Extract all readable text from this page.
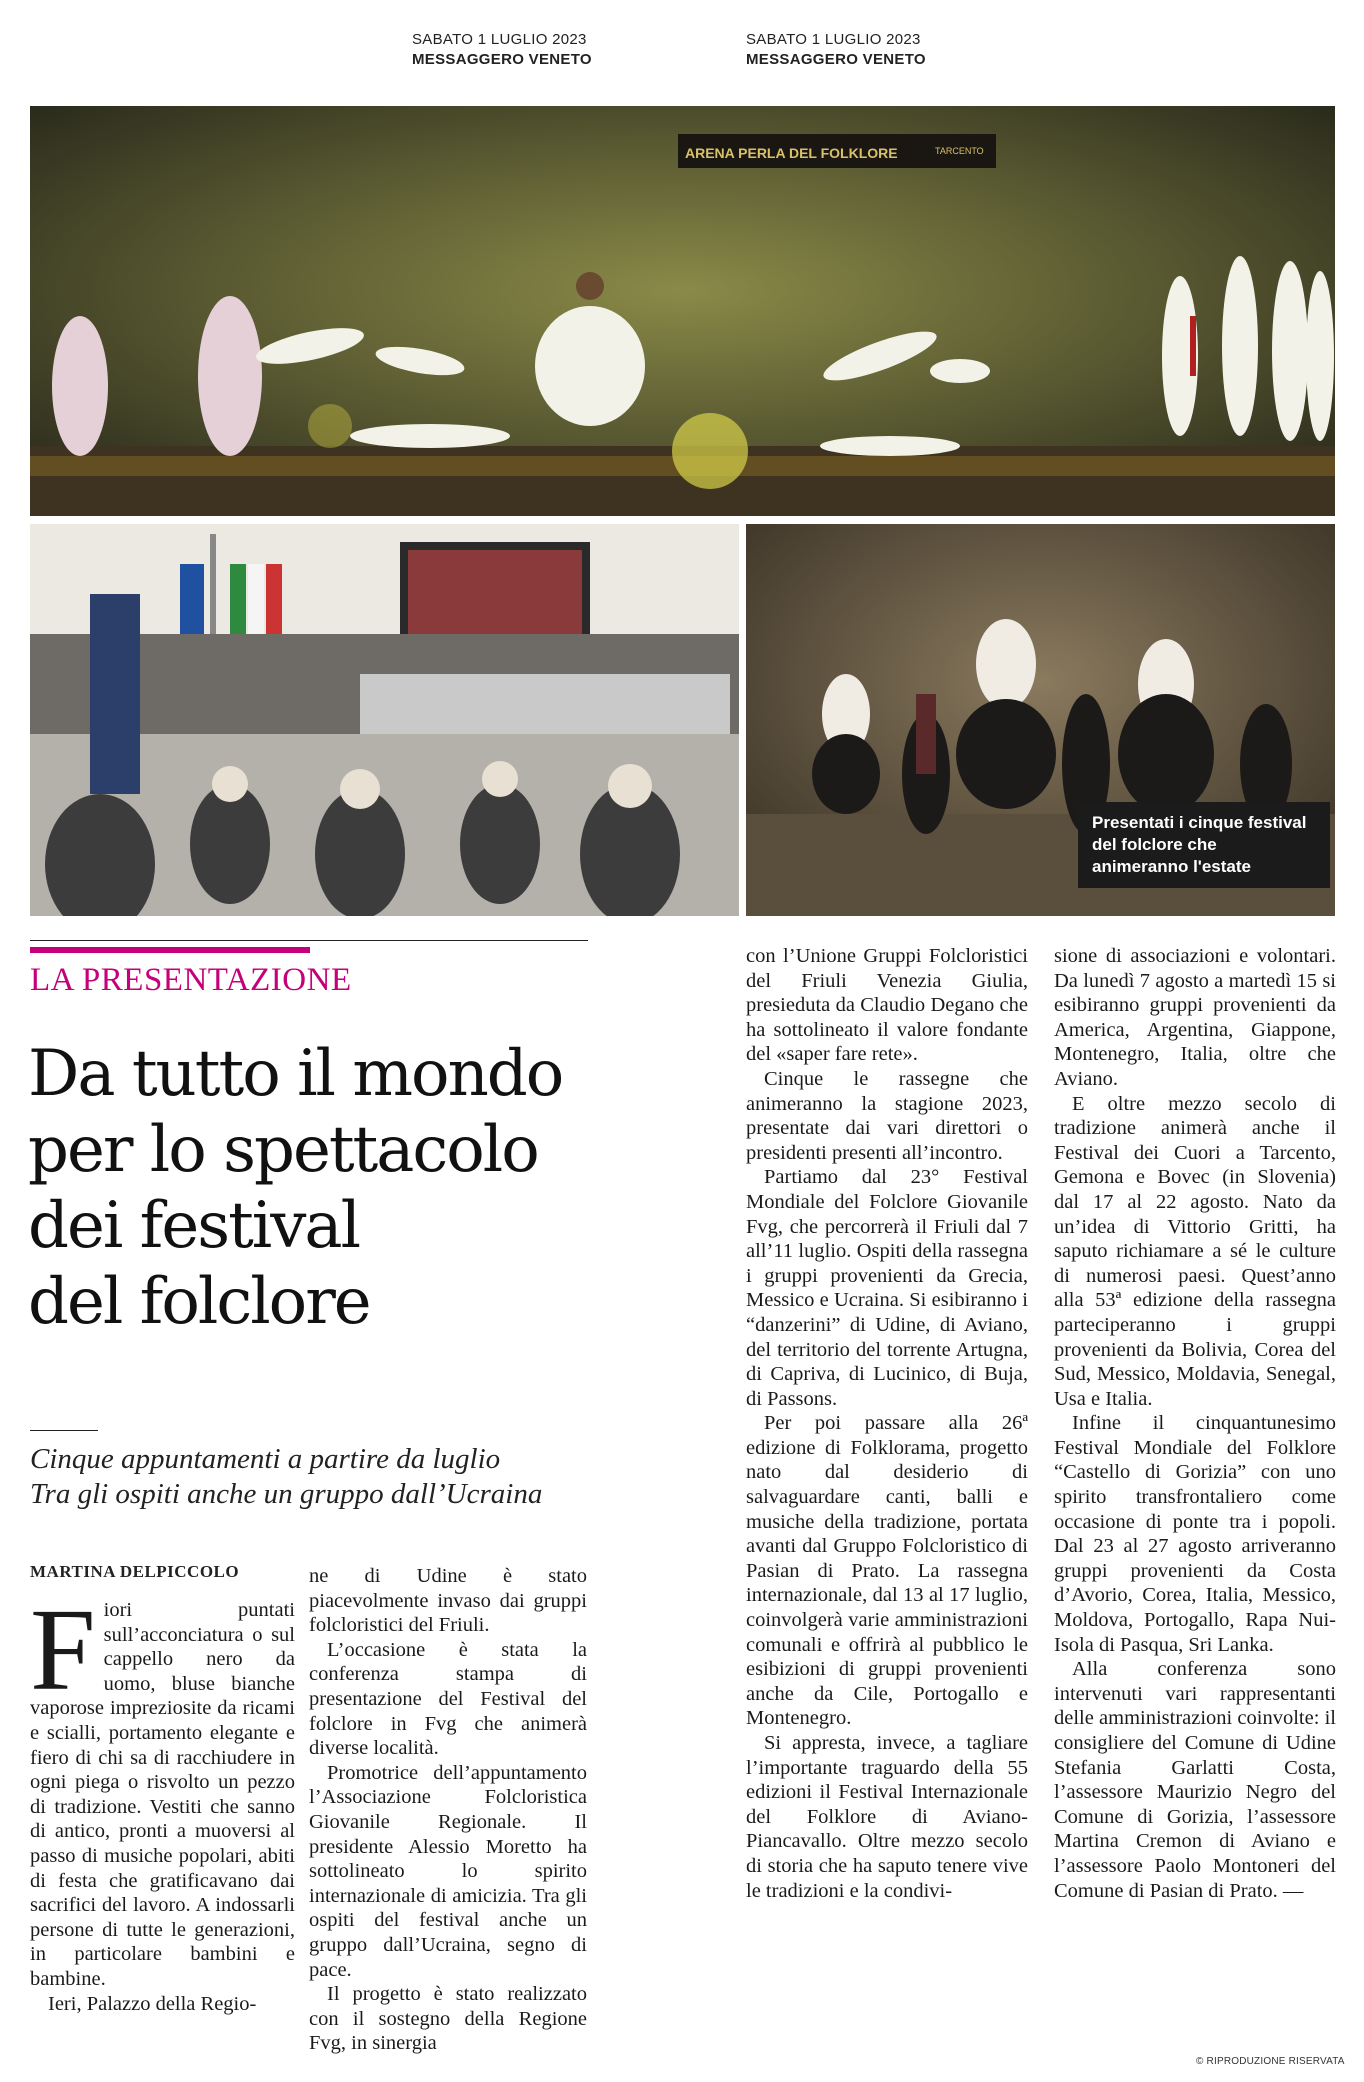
SABATO 1 LUGLIO 2023
MESSAGGERO VENETO
SABATO 1 LUGLIO 2023
MESSAGGERO VENETO
ARENA PERLA DEL FOLKLORE	TARCENTO
Presentati i cinque festival del folclore che animeranno l'estate
LA PRESENTAZIONE
Da tutto il mondo
per lo spettacolo
dei festival
del folclore
Cinque appuntamenti a partire da luglio
Tra gli ospiti anche un gruppo dall’Ucraina
MARTINA DELPICCOLO

Fiori puntati sull’acconciatura o sul cappello nero da uomo, bluse bianche vaporose impreziosite da ricami e scialli, portamento elegante e fiero di chi sa di racchiudere in ogni piega o risvolto un pezzo di tradizione. Vestiti che sanno di antico, pronti a muoversi al passo di musiche popolari, abiti di festa che gratificavano dai sacrifici del lavoro. A indossarli persone di tutte le generazioni, in particolare bambini e bambine.

Ieri, Palazzo della Regio-

ne di Udine è stato piacevolmente invaso dai gruppi folcloristici del Friuli.

L’occasione è stata la conferenza stampa di presentazione del Festival del folclore in Fvg che animerà diverse località.

Promotrice dell’appuntamento l’Associazione Folcloristica Giovanile Regionale. Il presidente Alessio Moretto ha sottolineato lo spirito internazionale di amicizia. Tra gli ospiti del festival anche un gruppo dall’Ucraina, segno di pace.

Il progetto è stato realizzato con il sostegno della Regione Fvg, in sinergia

con l’Unione Gruppi Folcloristici del Friuli Venezia Giulia, presieduta da Claudio Degano che ha sottolineato il valore fondante del «saper fare rete».

Cinque le rassegne che animeranno la stagione 2023, presentate dai vari direttori o presidenti presenti all’incontro.

Partiamo dal 23° Festival Mondiale del Folclore Giovanile Fvg, che percorrerà il Friuli dal 7 all’11 luglio. Ospiti della rassegna i gruppi provenienti da Grecia, Messico e Ucraina. Si esibiranno i “danzerini” di Udine, di Aviano, del territorio del torrente Artugna, di Capriva, di Lucinico, di Buja, di Passons.

Per poi passare alla 26ª edizione di Folklorama, progetto nato dal desiderio di salvaguardare canti, balli e musiche della tradizione, portata avanti dal Gruppo Folcloristico di Pasian di Prato. La rassegna internazionale, dal 13 al 17 luglio, coinvolgerà varie amministrazioni comunali e offrirà al pubblico le esibizioni di gruppi provenienti anche da Cile, Portogallo e Montenegro.

Si appresta, invece, a tagliare l’importante traguardo della 55 edizioni il Festival Internazionale del Folklore di Aviano-Piancavallo. Oltre mezzo secolo di storia che ha saputo tenere vive le tradizioni e la condivi-

sione di associazioni e volontari. Da lunedì 7 agosto a martedì 15 si esibiranno gruppi provenienti da America, Argentina, Giappone, Montenegro, Italia, oltre che Aviano.

E oltre mezzo secolo di tradizione animerà anche il Festival dei Cuori a Tarcento, Gemona e Bovec (in Slovenia) dal 17 al 22 agosto. Nato da un’idea di Vittorio Gritti, ha saputo richiamare a sé le culture di numerosi paesi. Quest’anno alla 53ª edizione della rassegna parteciperanno i gruppi provenienti da Bolivia, Corea del Sud, Messico, Moldavia, Senegal, Usa e Italia.

Infine il cinquantunesimo Festival Mondiale del Folklore “Castello di Gorizia” con uno spirito transfrontaliero come occasione di ponte tra i popoli. Dal 23 al 27 agosto arriveranno gruppi provenienti da Costa d’Avorio, Corea, Italia, Messico, Moldova, Portogallo, Rapa Nui-Isola di Pasqua, Sri Lanka.

Alla conferenza sono intervenuti vari rappresentanti delle amministrazioni coinvolte: il consigliere del Comune di Udine Stefania Garlatti Costa, l’assessore Maurizio Negro del Comune di Gorizia, l’assessore Martina Cremon di Aviano e l’assessore Paolo Montoneri del Comune di Pasian di Prato. —

© RIPRODUZIONE RISERVATA
